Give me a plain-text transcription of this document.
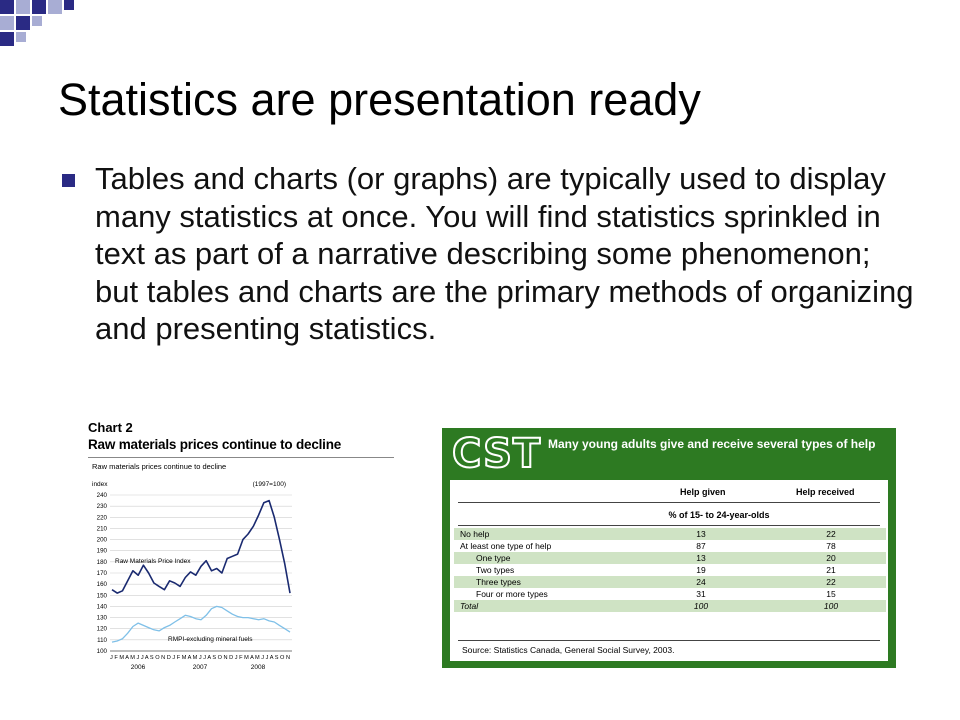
Statistics are presentation ready
Tables and charts (or graphs) are typically used to display many statistics at once. You will find statistics sprinkled in text as part of a narrative describing some phenomenon; but tables and charts are the primary methods of organizing and presenting statistics.
Chart 2
Raw materials prices continue to decline
Raw materials prices continue to decline
index	(1997=100)
100
110
120
130
140
150
160
170
180
190
200
210
220
230
240
Raw Materials Price Index
RMPI-excluding mineral fuels
J F M A M J J A S O N D J F M A M J J A S O N D J F M A M J J A S O N
2006	2007	2008
CST Many young adults give and receive several types of help
Help given	Help received
% of 15- to 24-year-olds
No help	13	22
At least one type of help	87	78
One type	13	20
Two types	19	21
Three types	24	22
Four or more types	31	15
Total	100	100
Source: Statistics Canada, General Social Survey, 2003.
